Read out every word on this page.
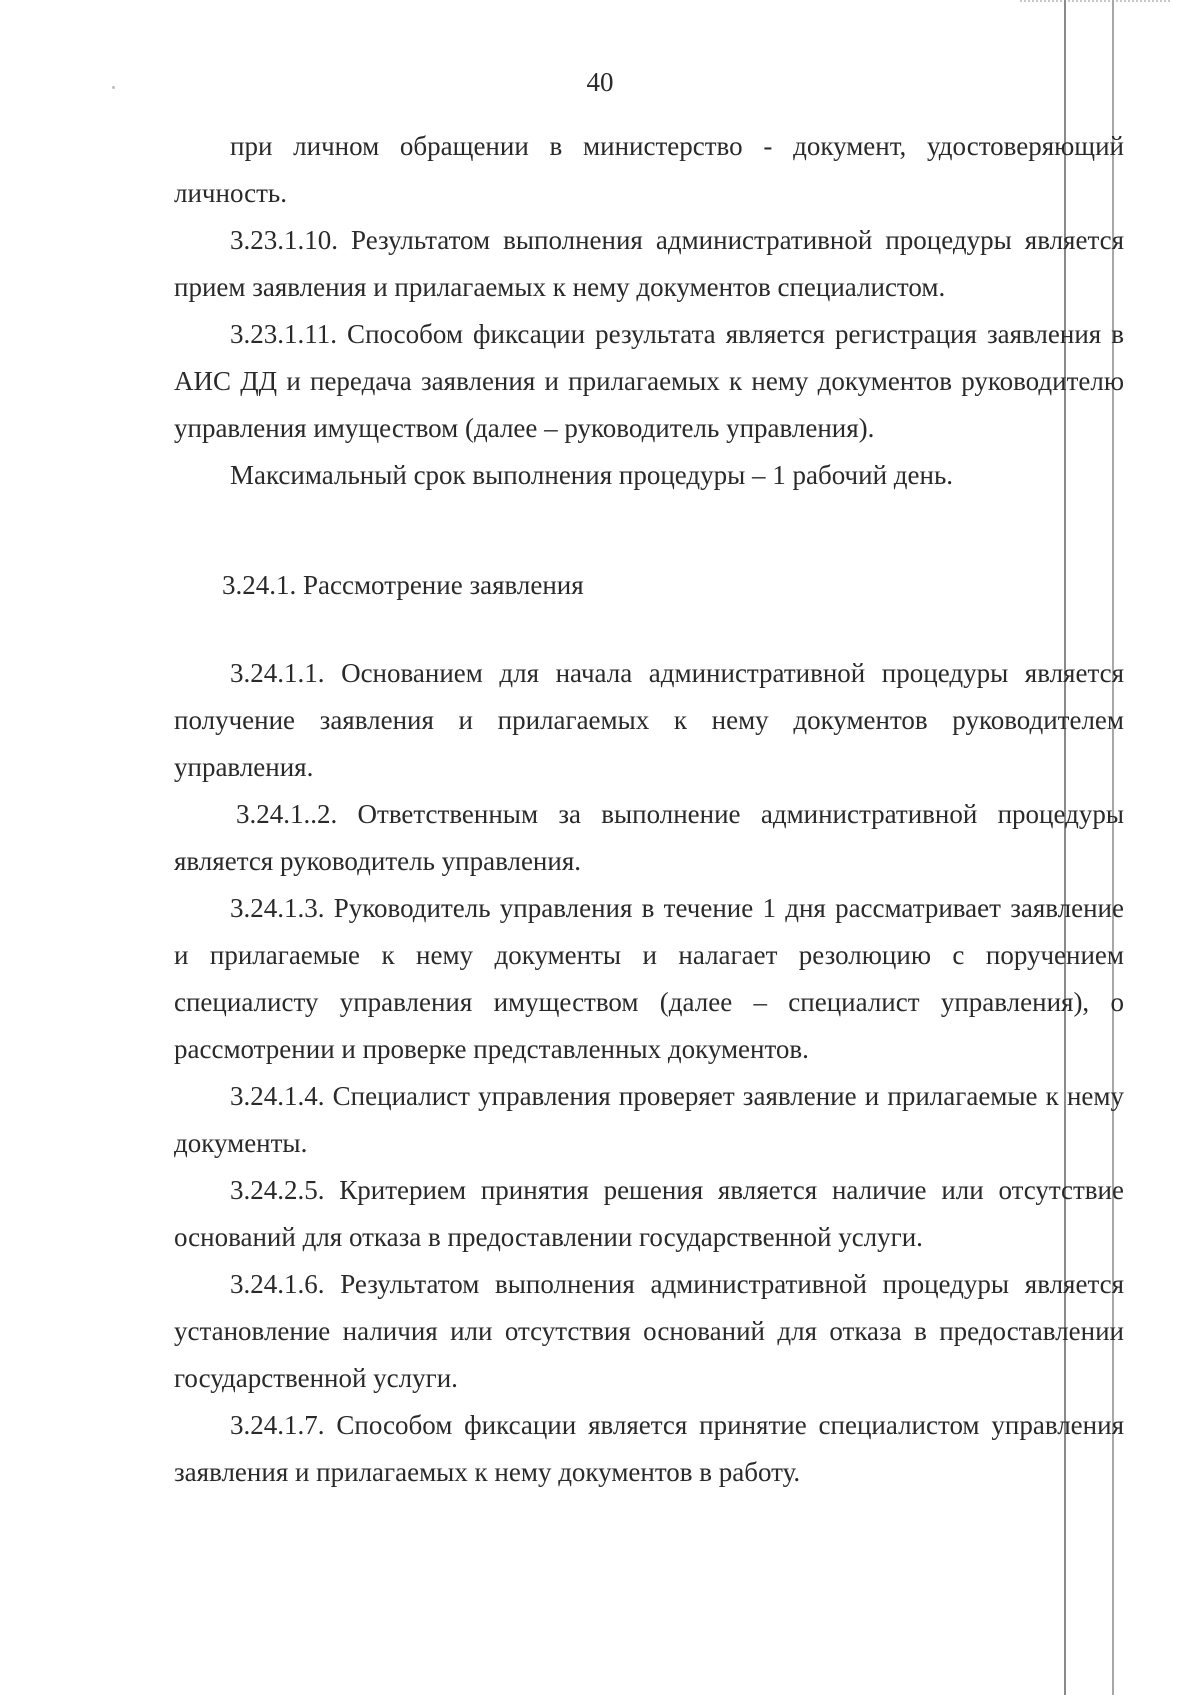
40

при личном обращении в министерство - документ, удостоверяющий личность.

3.23.1.10. Результатом выполнения административной процедуры является прием заявления и прилагаемых к нему документов специалистом.

3.23.1.11. Способом фиксации результата является регистрация заявления в АИС ДД и передача заявления и прилагаемых к нему документов руководителю управления имуществом (далее – руководитель управления).

Максимальный срок выполнения процедуры – 1 рабочий день.

3.24.1. Рассмотрение заявления

3.24.1.1. Основанием для начала административной процедуры является получение заявления и прилагаемых к нему документов руководителем управления.

3.24.1..2. Ответственным за выполнение административной процедуры является руководитель управления.

3.24.1.3. Руководитель управления в течение 1 дня рассматривает заявление и прилагаемые к нему документы и налагает резолюцию с поручением специалисту управления имуществом (далее – специалист управления), о рассмотрении и проверке представленных документов.

3.24.1.4. Специалист управления проверяет заявление и прилагаемые к нему документы.

3.24.2.5. Критерием принятия решения является наличие или отсутствие оснований для отказа в предоставлении государственной услуги.

3.24.1.6. Результатом выполнения административной процедуры является установление наличия или отсутствия оснований для отказа в предоставлении государственной услуги.

3.24.1.7. Способом фиксации является принятие специалистом управления заявления и прилагаемых к нему документов в работу.
